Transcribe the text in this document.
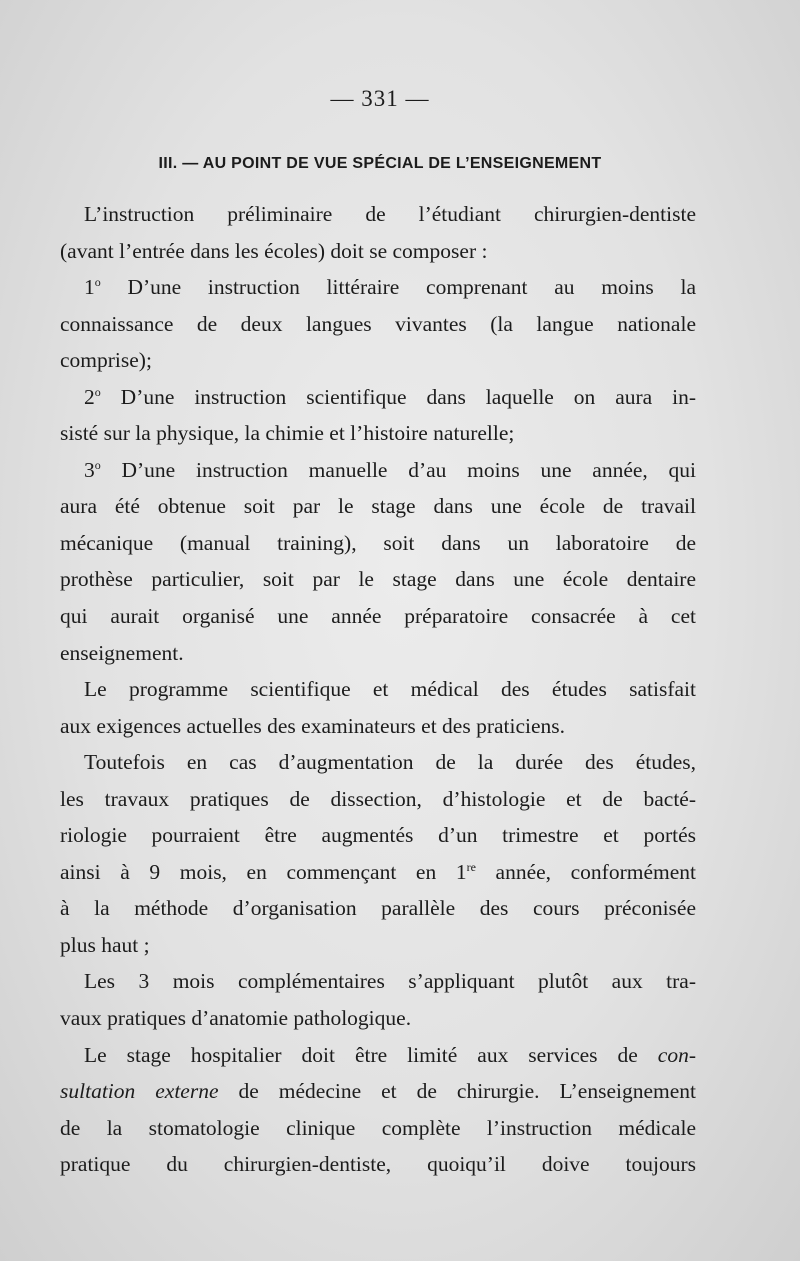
— 331 —
III. — AU POINT DE VUE SPÉCIAL DE L’ENSEIGNEMENT
L’instruction préliminaire de l’étudiant chirurgien-dentiste
(avant l’entrée dans les écoles) doit se composer :
1$^o$ D’une instruction littéraire comprenant au moins la
connaissance de deux langues vivantes (la langue nationale
comprise);
2$^o$ D’une instruction scientifique dans laquelle on aura in-
sisté sur la physique, la chimie et l’histoire naturelle;
3$^o$ D’une instruction manuelle d’au moins une année, qui
aura été obtenue soit par le stage dans une école de travail
mécanique (manual training), soit dans un laboratoire de
prothèse particulier, soit par le stage dans une école dentaire
qui aurait organisé une année préparatoire consacrée à cet
enseignement.
Le programme scientifique et médical des études satisfait
aux exigences actuelles des examinateurs et des praticiens.
Toutefois en cas d’augmentation de la durée des études,
les travaux pratiques de dissection, d’histologie et de bacté-
riologie pourraient être augmentés d’un trimestre et portés
ainsi à 9 mois, en commençant en 1re année, conformément
à la méthode d’organisation parallèle des cours préconisée
plus haut ;
Les 3 mois complémentaires s’appliquant plutôt aux tra-
vaux pratiques d’anatomie pathologique.
Le stage hospitalier doit être limité aux services de con-
sultation externe de médecine et de chirurgie. L’enseignement
de la stomatologie clinique complète l’instruction médicale
pratique du chirurgien-dentiste, quoiqu’il doive toujours
